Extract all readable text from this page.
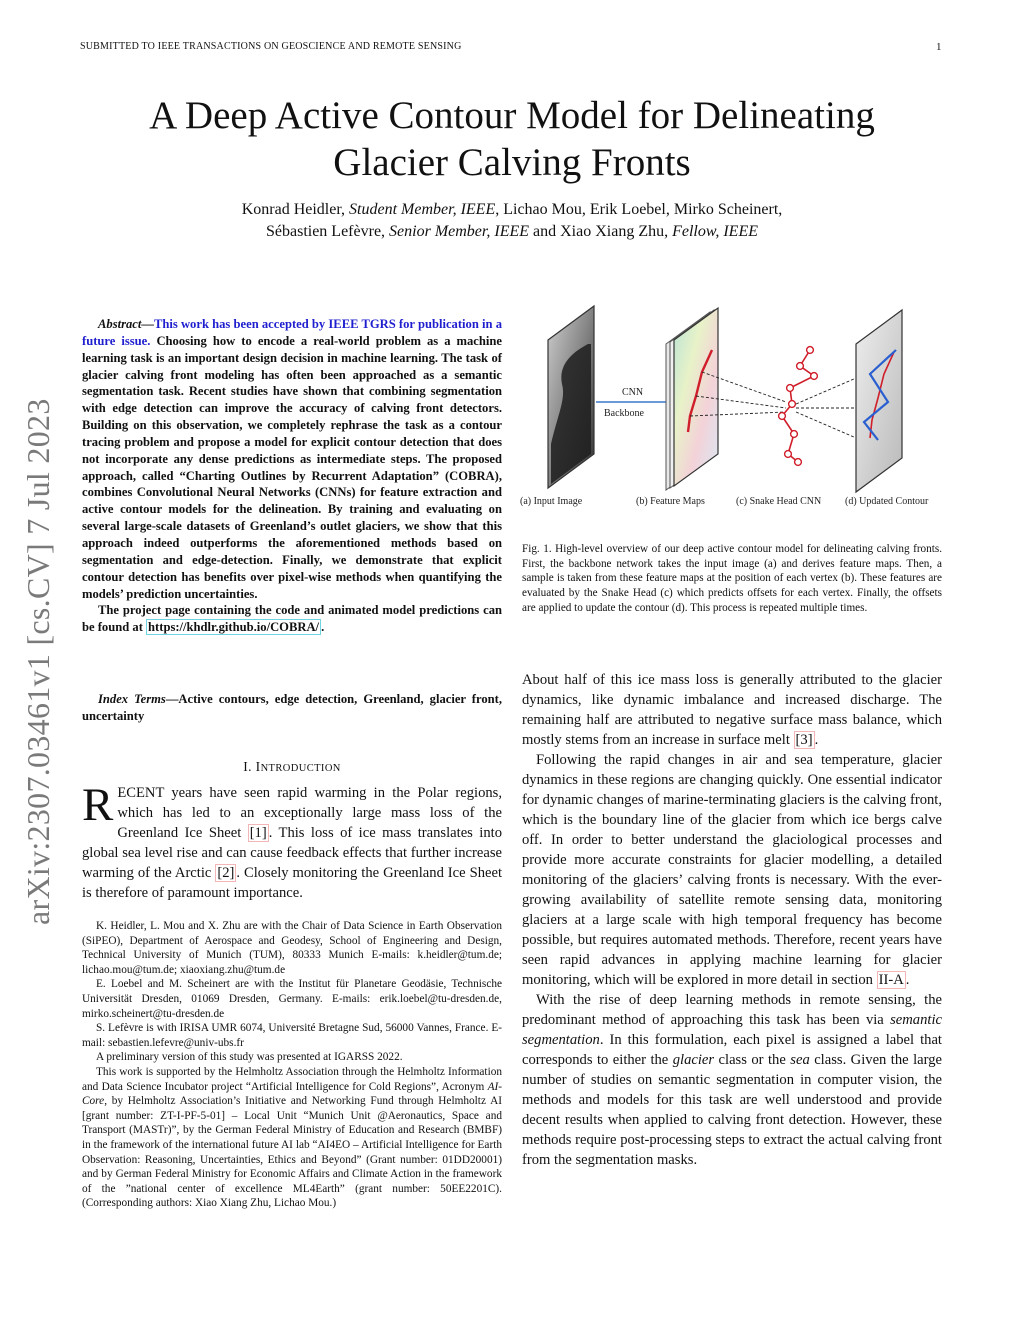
SUBMITTED TO IEEE TRANSACTIONS ON GEOSCIENCE AND REMOTE SENSING	1
A Deep Active Contour Model for Delineating
Glacier Calving Fronts
Konrad Heidler, Student Member, IEEE, Lichao Mou, Erik Loebel, Mirko Scheinert,
Sébastien Lefèvre, Senior Member, IEEE and Xiao Xiang Zhu, Fellow, IEEE
arXiv:2307.03461v1 [cs.CV] 7 Jul 2023

Abstract—This work has been accepted by IEEE TGRS for publication in a future issue. Choosing how to encode a real-world problem as a machine learning task is an important design decision in machine learning. The task of glacier calving front modeling has often been approached as a semantic segmentation task. Recent studies have shown that combining segmentation with edge detection can improve the accuracy of calving front detectors. Building on this observation, we completely rephrase the task as a contour tracing problem and propose a model for explicit contour detection that does not incorporate any dense predictions as intermediate steps. The proposed approach, called “Charting Outlines by Recurrent Adaptation” (COBRA), combines Convolutional Neural Networks (CNNs) for feature extraction and active contour models for the delineation. By training and evaluating on several large-scale datasets of Greenland’s outlet glaciers, we show that this approach indeed outperforms the aforementioned methods based on segmentation and edge-detection. Finally, we demonstrate that explicit contour detection has benefits over pixel-wise methods when quantifying the models’ prediction uncertainties.

The project page containing the code and animated model predictions can be found at https://khdlr.github.io/COBRA/ .

Index Terms—Active contours, edge detection, Greenland, glacier front, uncertainty
I. INTRODUCTION
RECENT years have seen rapid warming in the Polar regions, which has led to an exceptionally large mass loss of the Greenland Ice Sheet [1] . This loss of ice mass translates into global sea level rise and can cause feedback effects that further increase warming of the Arctic [2] . Closely monitoring the Greenland Ice Sheet is therefore of paramount importance.

K. Heidler, L. Mou and X. Zhu are with the Chair of Data Science in Earth Observation (SiPEO), Department of Aerospace and Geodesy, School of Engineering and Design, Technical University of Munich (TUM), 80333 Munich E-mails: k.heidler@tum.de; lichao.mou@tum.de; xiaoxiang.zhu@tum.de

E. Loebel and M. Scheinert are with the Institut für Planetare Geodäsie, Technische Universität Dresden, 01069 Dresden, Germany. E-mails: erik.loebel@tu-dresden.de, mirko.scheinert@tu-dresden.de

S. Lefèvre is with IRISA UMR 6074, Université Bretagne Sud, 56000 Vannes, France. E-mail: sebastien.lefevre@univ-ubs.fr

A preliminary version of this study was presented at IGARSS 2022.

This work is supported by the Helmholtz Association through the Helmholtz Information and Data Science Incubator project “Artificial Intelligence for Cold Regions”, Acronym AI-Core, by Helmholtz Association’s Initiative and Networking Fund through Helmholtz AI [grant number: ZT-I-PF-5-01] – Local Unit “Munich Unit @Aeronautics, Space and Transport (MASTr)”, by the German Federal Ministry of Education and Research (BMBF) in the framework of the international future AI lab “AI4EO – Artificial Intelligence for Earth Observation: Reasoning, Uncertainties, Ethics and Beyond” (Grant number: 01DD20001) and by German Federal Ministry for Economic Affairs and Climate Action in the framework of the ”national center of excellence ML4Earth” (grant number: 50EE2201C). (Corresponding authors: Xiao Xiang Zhu, Lichao Mou.)

CNN
Backbone
(a) Input Image	(b) Feature Maps	(c) Snake Head CNN (d) Updated Contour
Fig. 1. High-level overview of our deep active contour model for delineating calving fronts. First, the backbone network takes the input image (a) and derives feature maps. Then, a sample is taken from these feature maps at the position of each vertex (b). These features are evaluated by the Snake Head (c) which predicts offsets for each vertex. Finally, the offsets are applied to update the contour (d). This process is repeated multiple times.

About half of this ice mass loss is generally attributed to the glacier dynamics, like dynamic imbalance and increased discharge. The remaining half are attributed to negative surface mass balance, which mostly stems from an increase in surface melt [3] .

Following the rapid changes in air and sea temperature, glacier dynamics in these regions are changing quickly. One essential indicator for dynamic changes of marine-terminating glaciers is the calving front, which is the boundary line of the glacier from which ice bergs calve off. In order to better understand the glaciological processes and provide more accurate constraints for glacier modelling, a detailed monitoring of the glaciers’ calving fronts is necessary. With the ever-growing availability of satellite remote sensing data, monitoring glaciers at a large scale with high temporal frequency has become possible, but requires automated methods. Therefore, recent years have seen rapid advances in applying machine learning for glacier monitoring, which will be explored in more detail in section II-A .

With the rise of deep learning methods in remote sensing, the predominant method of approaching this task has been via semantic segmentation. In this formulation, each pixel is assigned a label that corresponds to either the glacier class or the sea class. Given the large number of studies on semantic segmentation in computer vision, the methods and models for this task are well understood and provide decent results when applied to calving front detection. However, these methods require post-processing steps to extract the actual calving front from the segmentation masks.
